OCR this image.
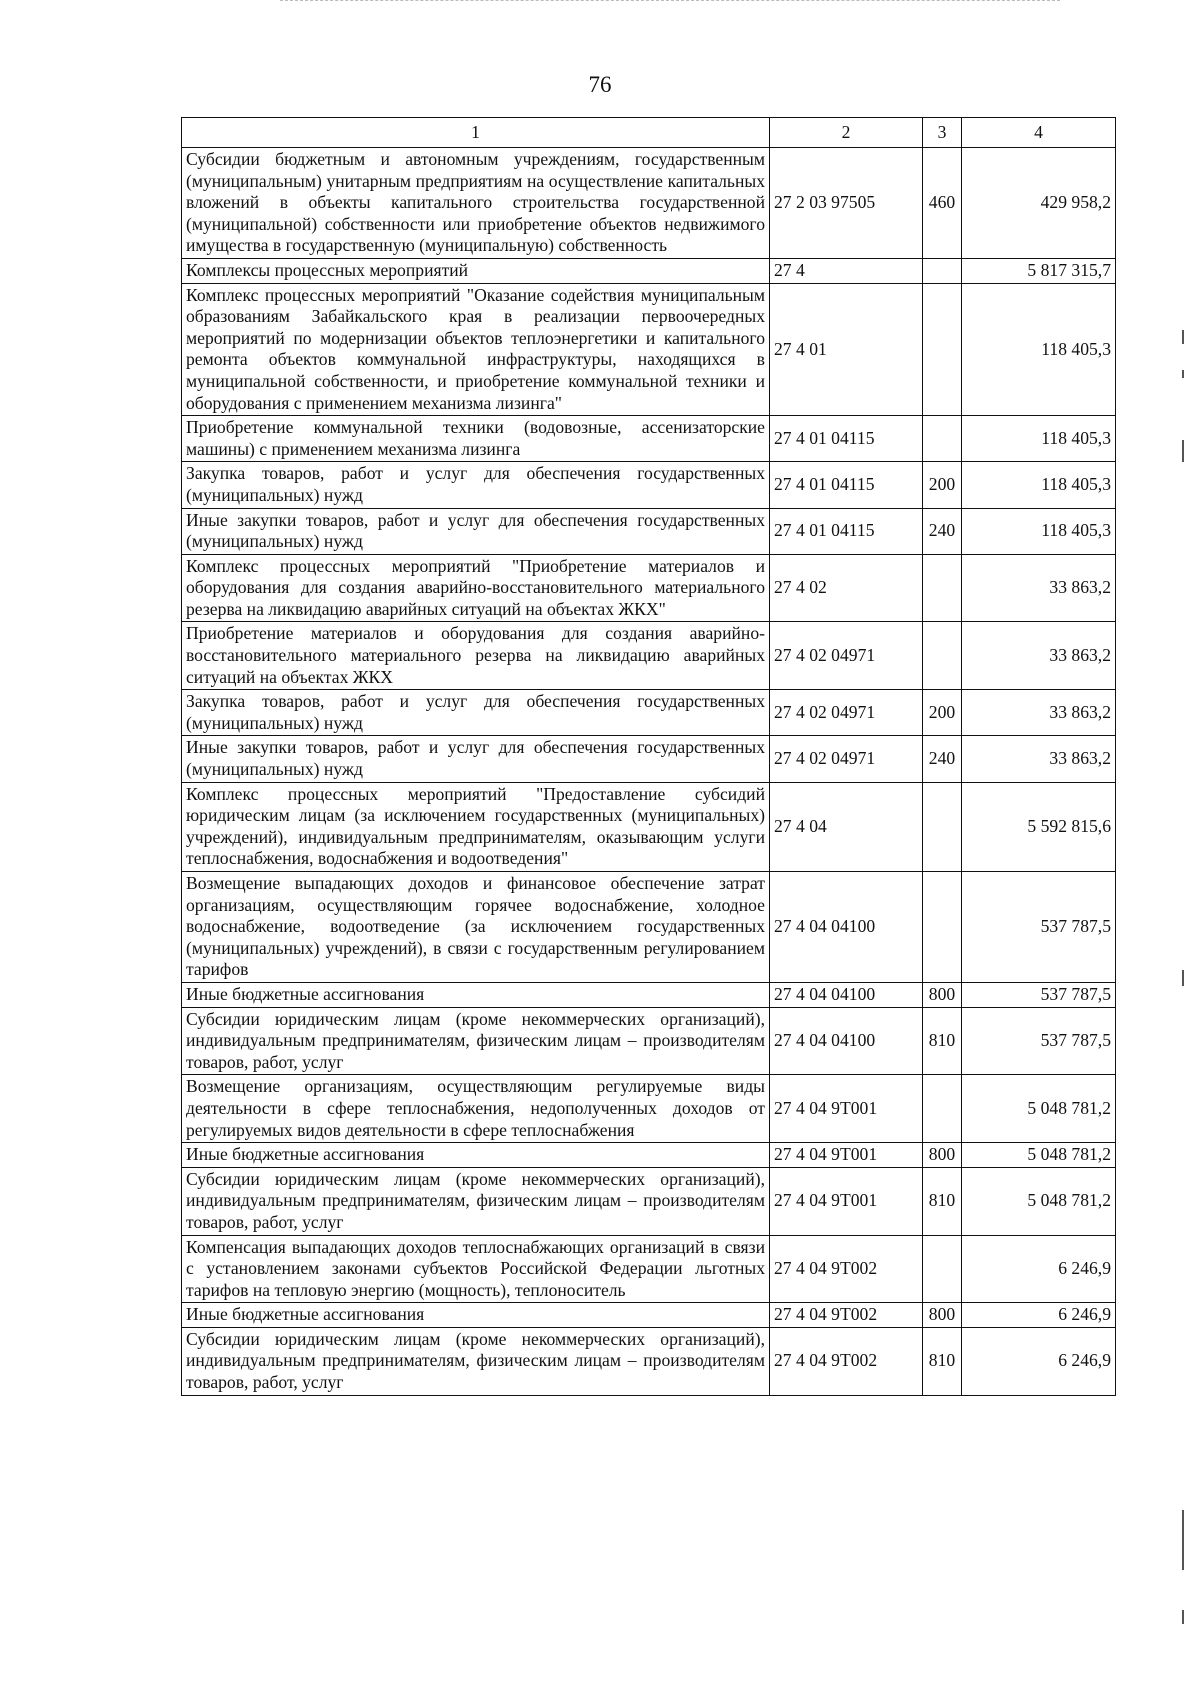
76
1	2	3	4
Субсидии бюджетным и автономным учреждениям, государственным (муниципальным) унитарным предприятиям на осуществление капитальных вложений в объекты капитального строительства государственной (муниципальной) собственности или приобретение объектов недвижимого имущества в государственную (муниципальную) собственность	27 2 03 97505	460	429 958,2
Комплексы процессных мероприятий	27 4		5 817 315,7
Комплекс процессных мероприятий "Оказание содействия муниципальным образованиям Забайкальского края в реализации первоочередных мероприятий по модернизации объектов теплоэнергетики и капитального ремонта объектов коммунальной инфраструктуры, находящихся в муниципальной собственности, и приобретение коммунальной техники и оборудования с применением механизма лизинга"	27 4 01		118 405,3
Приобретение коммунальной техники (водовозные, ассенизаторские машины) с применением механизма лизинга	27 4 01 04115		118 405,3
Закупка товаров, работ и услуг для обеспечения государственных (муниципальных) нужд	27 4 01 04115	200	118 405,3
Иные закупки товаров, работ и услуг для обеспечения государственных (муниципальных) нужд	27 4 01 04115	240	118 405,3
Комплекс процессных мероприятий "Приобретение материалов и оборудования для создания аварийно-восстановительного материального резерва на ликвидацию аварийных ситуаций на объектах ЖКХ"	27 4 02		33 863,2
Приобретение материалов и оборудования для создания аварийно-восстановительного материального резерва на ликвидацию аварийных ситуаций на объектах ЖКХ	27 4 02 04971		33 863,2
Закупка товаров, работ и услуг для обеспечения государственных (муниципальных) нужд	27 4 02 04971	200	33 863,2
Иные закупки товаров, работ и услуг для обеспечения государственных (муниципальных) нужд	27 4 02 04971	240	33 863,2
Комплекс процессных мероприятий "Предоставление субсидий юридическим лицам (за исключением государственных (муниципальных) учреждений), индивидуальным предпринимателям, оказывающим услуги теплоснабжения, водоснабжения и водоотведения"	27 4 04		5 592 815,6
Возмещение выпадающих доходов и финансовое обеспечение затрат организациям, осуществляющим горячее водоснабжение, холодное водоснабжение, водоотведение (за исключением государственных (муниципальных) учреждений), в связи с государственным регулированием тарифов	27 4 04 04100		537 787,5
Иные бюджетные ассигнования	27 4 04 04100	800	537 787,5
Субсидии юридическим лицам (кроме некоммерческих организаций), индивидуальным предпринимателям, физическим лицам – производителям товаров, работ, услуг	27 4 04 04100	810	537 787,5
Возмещение организациям, осуществляющим регулируемые виды деятельности в сфере теплоснабжения, недополученных доходов от регулируемых видов деятельности в сфере теплоснабжения	27 4 04 9Т001		5 048 781,2
Иные бюджетные ассигнования	27 4 04 9Т001	800	5 048 781,2
Субсидии юридическим лицам (кроме некоммерческих организаций), индивидуальным предпринимателям, физическим лицам – производителям товаров, работ, услуг	27 4 04 9Т001	810	5 048 781,2
Компенсация выпадающих доходов теплоснабжающих организаций в связи с установлением законами субъектов Российской Федерации льготных тарифов на тепловую энергию (мощность), теплоноситель	27 4 04 9Т002		6 246,9
Иные бюджетные ассигнования	27 4 04 9Т002	800	6 246,9
Субсидии юридическим лицам (кроме некоммерческих организаций), индивидуальным предпринимателям, физическим лицам – производителям товаров, работ, услуг	27 4 04 9Т002	810	6 246,9
